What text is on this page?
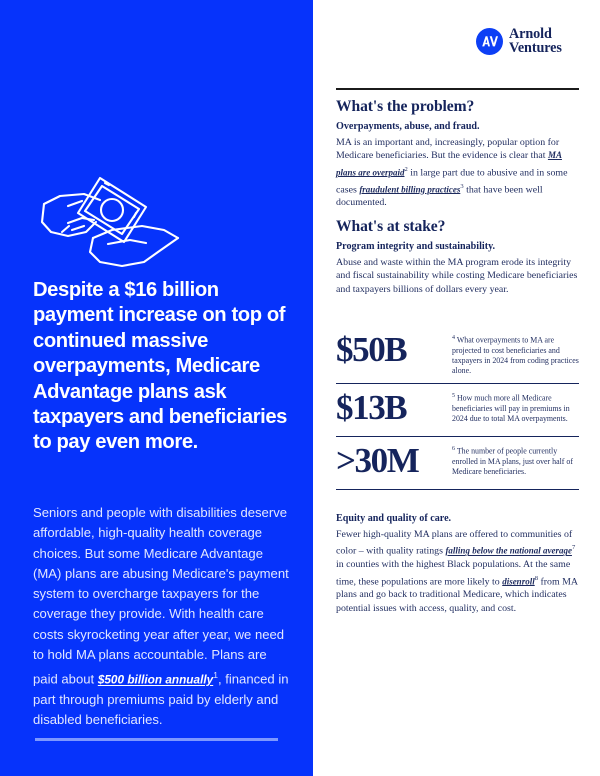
Despite a $16 billion payment increase on top of continued massive overpayments, Medicare Advantage plans ask taxpayers and beneficiaries to pay even more.
Seniors and people with disabilities deserve affordable, high-quality health coverage choices. But some Medicare Advantage (MA) plans are abusing Medicare's payment system to overcharge taxpayers for the coverage they provide. With health care costs skyrocketing year after year, we need to hold MA plans accountable. Plans are paid about $500 billion annually$^1$, financed in part through premiums paid by elderly and disabled beneficiaries.
Arnold
Ventures
What's the problem?
Overpayments, abuse, and fraud.
MA is an important and, increasingly, popular option for Medicare beneficiaries. But the evidence is clear that MA plans are overpaid$^2$ in large part due to abusive and in some cases fraudulent billing practices$^3$ that have been well documented.
What's at stake?
Program integrity and sustainability.
Abuse and waste within the MA program erode its integrity and fiscal sustainability while costing Medicare beneficiaries and taxpayers billions of dollars every year.
$50B	$^4$ What overpayments to MA are projected to cost beneficiaries and taxpayers in 2024 from coding practices alone.
$13B	$^5$ How much more all Medicare beneficiaries will pay in premiums in 2024 due to total MA overpayments.
>30M	$^6$ The number of people currently enrolled in MA plans, just over half of Medicare beneficiaries.
Equity and quality of care.
Fewer high-quality MA plans are offered to communities of color – with quality ratings falling below the national average$^7$ in counties with the highest Black populations. At the same time, these populations are more likely to disenroll$^8$ from MA plans and go back to traditional Medicare, which indicates potential issues with access, quality, and cost.
